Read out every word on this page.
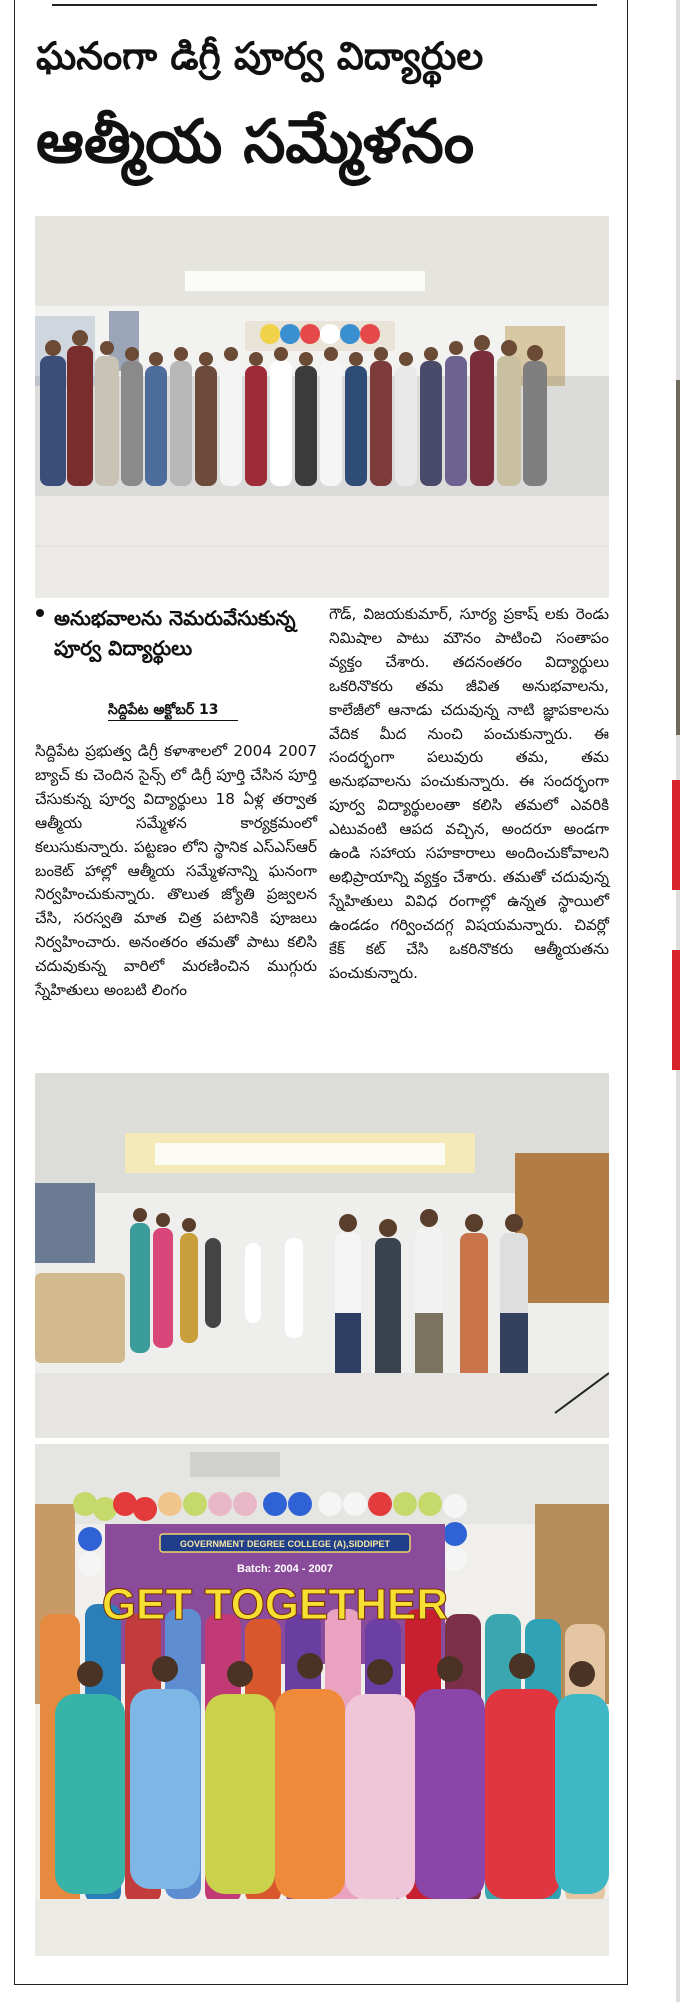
ఘనంగా డిగ్రీ పూర్వ విద్యార్థుల
ఆత్మీయ సమ్మేళనం
అనుభవాలను నెమరువేసుకున్న పూర్వ విద్యార్థులు
సిద్దిపేట అక్టోబర్ 13
సిద్దిపేట ప్రభుత్వ డిగ్రీ కళాశాలలో 2004 2007 బ్యాచ్ కు చెందిన సైన్స్ లో డిగ్రీ పూర్తి చేసిన పూర్తి చేసుకున్న పూర్వ విద్యార్థులు 18 ఏళ్ల తర్వాత ఆత్మీయ సమ్మేళన కార్యక్రమంలో కలుసుకున్నారు. పట్టణం లోని స్థానిక ఎస్ఎస్ఆర్ బంకెట్ హాల్లో ఆత్మీయ సమ్మేళనాన్ని ఘనంగా నిర్వహించుకున్నారు. తొలుత జ్యోతి ప్రజ్వలన చేసి, సరస్వతి మాత చిత్ర పటానికి పూజలు నిర్వహించారు. అనంతరం తమతో పాటు కలిసి చదువుకున్న వారిలో మరణించిన ముగ్గురు స్నేహితులు అంబటి లింగం
గౌడ్, విజయకుమార్, సూర్య ప్రకాష్ లకు రెండు నిమిషాల పాటు మౌనం పాటించి సంతాపం వ్యక్తం చేశారు. తదనంతరం విద్యార్థులు ఒకరినొకరు తమ జీవిత అనుభవాలను, కాలేజీలో ఆనాడు చదువున్న నాటి జ్ఞాపకాలను వేదిక మీద నుంచి పంచుకున్నారు. ఈ సందర్భంగా పలువురు తమ, తమ అనుభవాలను పంచుకున్నారు. ఈ సందర్భంగా పూర్వ విద్యార్థులంతా కలిసి తమలో ఎవరికి ఎటువంటి ఆపద వచ్చిన, అందరూ అండగా ఉండి సహాయ సహకారాలు అందించుకోవాలని అభిప్రాయాన్ని వ్యక్తం చేశారు. తమతో చదువున్న స్నేహితులు వివిధ రంగాల్లో ఉన్నత స్థాయిలో ఉండడం గర్వించదగ్గ విషయమన్నారు. చివర్లో కేక్ కట్ చేసి ఒకరినొకరు ఆత్మీయతను పంచుకున్నారు.
GOVERNMENT DEGREE COLLEGE (A),SIDDIPET
Batch: 2004 - 2007
GET TOGETHER
